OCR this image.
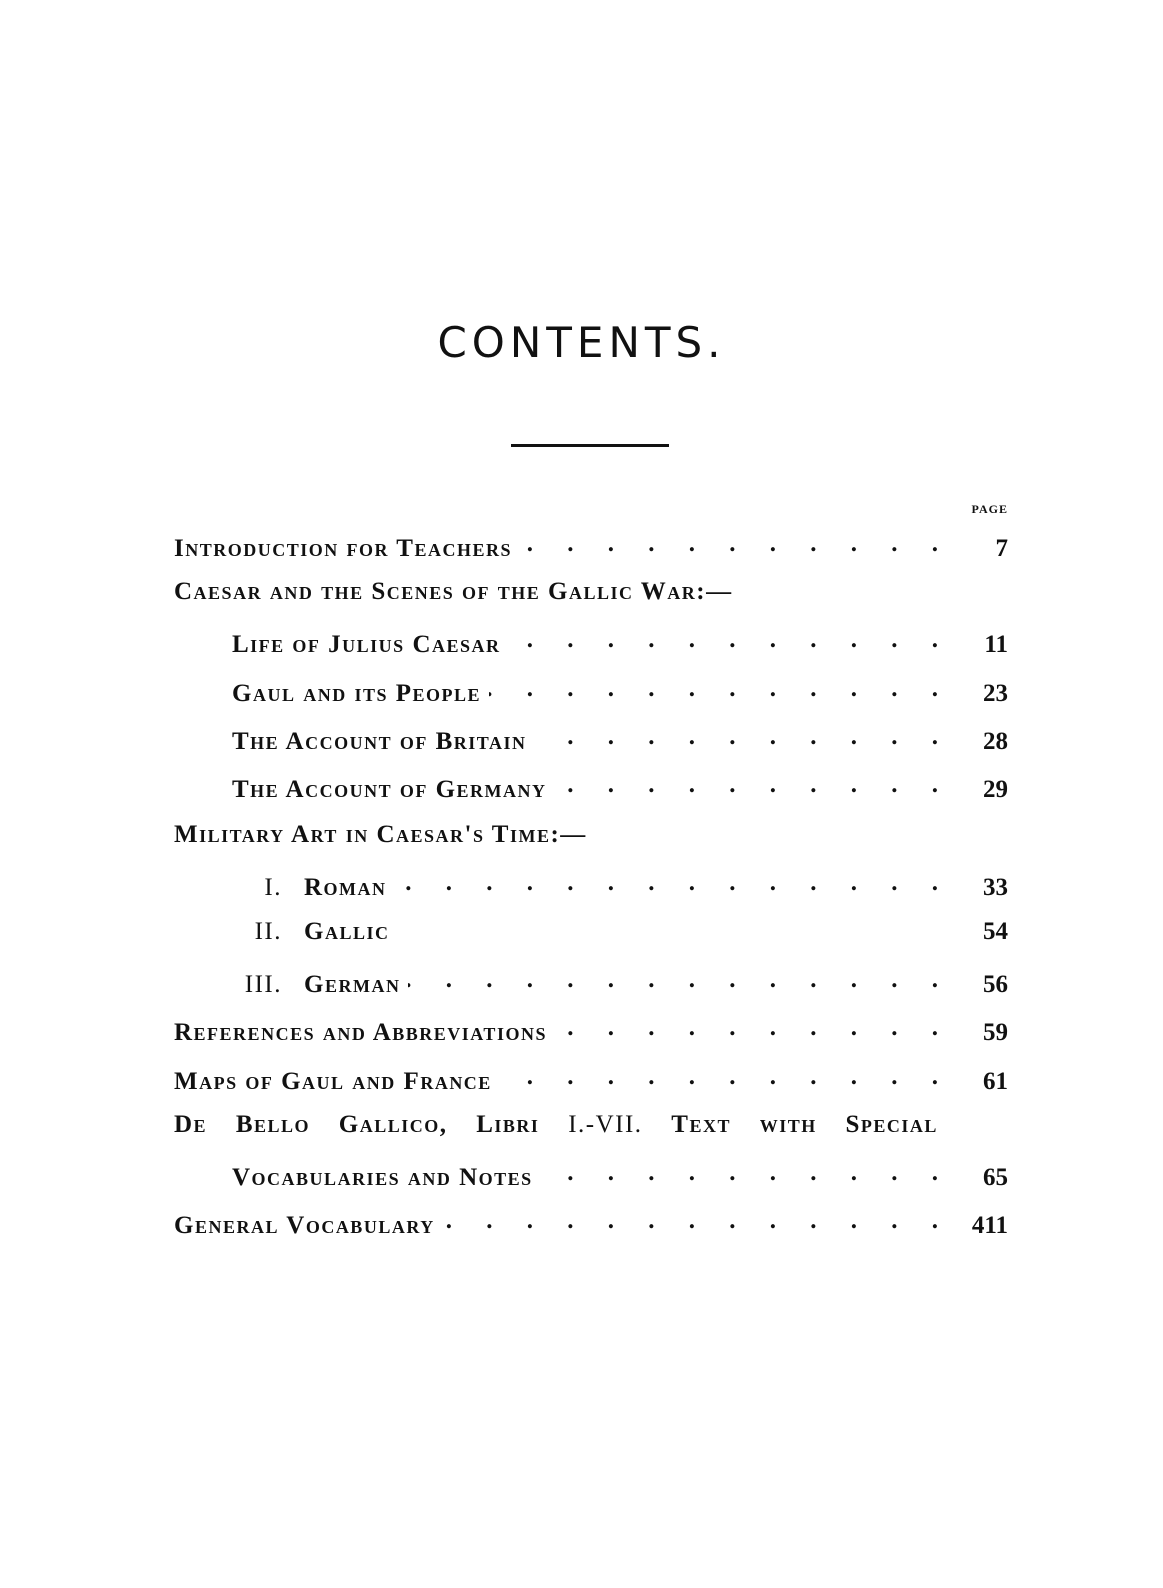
CONTENTS.
PAGE
Introduction for Teachers . . .	7
Caesar and the Scenes of the Gallic War:—
Life of Julius Caesar . . .	11
Gaul and its People . . .	23
The Account of Britain . . .	28
The Account of Germany . . .	29
Military Art in Caesar's Time:—
I. Roman . . .	33
II. Gallic	54
III. German . . .	56
References and Abbreviations . . .	59
Maps of Gaul and France . . .	61
De Bello Gallico, Libri I.-VII. Text with Special
Vocabularies and Notes . . .	65
General Vocabulary . . .	411
